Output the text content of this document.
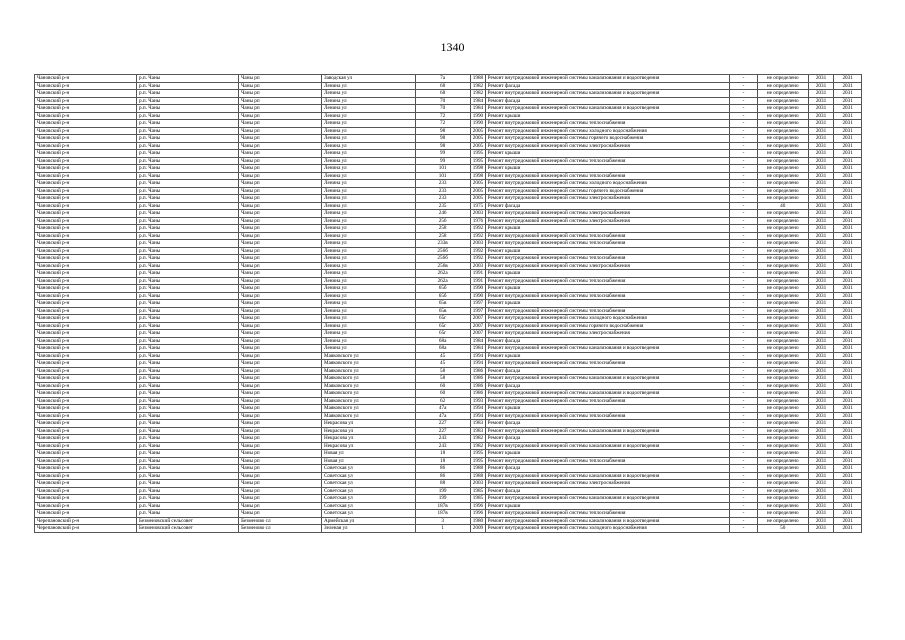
1340
Чановский р-н	р.п. Чаны	Чаны рп	Заводская ул	7а	1988	Ремонт внутридомовой инженерной системы канализования и водоотведения	-	не определено	2031	2031
Чановский р-н	р.п. Чаны	Чаны рп	Ленина ул	68	1982	Ремонт фасада	-	не определено	2031	2031
Чановский р-н	р.п. Чаны	Чаны рп	Ленина ул	68	1982	Ремонт внутридомовой инженерной системы канализования и водоотведения	-	не определено	2031	2031
Чановский р-н	р.п. Чаны	Чаны рп	Ленина ул	70	1984	Ремонт фасада	-	не определено	2031	2031
Чановский р-н	р.п. Чаны	Чаны рп	Ленина ул	70	1984	Ремонт внутридомовой инженерной системы канализования и водоотведения	-	не определено	2031	2031
Чановский р-н	р.п. Чаны	Чаны рп	Ленина ул	72	1990	Ремонт крыши	-	не определено	2031	2031
Чановский р-н	р.п. Чаны	Чаны рп	Ленина ул	72	1990	Ремонт внутридомовой инженерной системы теплоснабжения	-	не определено	2031	2031
Чановский р-н	р.п. Чаны	Чаны рп	Ленина ул	98	2005	Ремонт внутридомовой инженерной системы холодного водоснабжения	-	не определено	2031	2031
Чановский р-н	р.п. Чаны	Чаны рп	Ленина ул	98	2005	Ремонт внутридомовой инженерной системы горячего водоснабжения	-	не определено	2031	2031
Чановский р-н	р.п. Чаны	Чаны рп	Ленина ул	98	2005	Ремонт внутридомовой инженерной системы электроснабжения	-	не определено	2031	2031
Чановский р-н	р.п. Чаны	Чаны рп	Ленина ул	99	1995	Ремонт крыши	-	не определено	2031	2031
Чановский р-н	р.п. Чаны	Чаны рп	Ленина ул	99	1995	Ремонт внутридомовой инженерной системы теплоснабжения	-	не определено	2031	2031
Чановский р-н	р.п. Чаны	Чаны рп	Ленина ул	101	1998	Ремонт крыши	-	не определено	2031	2031
Чановский р-н	р.п. Чаны	Чаны рп	Ленина ул	101	1998	Ремонт внутридомовой инженерной системы теплоснабжения	-	не определено	2031	2031
Чановский р-н	р.п. Чаны	Чаны рп	Ленина ул	233	2005	Ремонт внутридомовой инженерной системы холодного водоснабжения	-	не определено	2031	2031
Чановский р-н	р.п. Чаны	Чаны рп	Ленина ул	233	2005	Ремонт внутридомовой инженерной системы горячего водоснабжения	-	не определено	2031	2031
Чановский р-н	р.п. Чаны	Чаны рп	Ленина ул	233	2005	Ремонт внутридомовой инженерной системы электроснабжения	-	не определено	2031	2031
Чановский р-н	р.п. Чаны	Чаны рп	Ленина ул	235	1975	Ремонт фасада	-	40	2031	2031
Чановский р-н	р.п. Чаны	Чаны рп	Ленина ул	246	2003	Ремонт внутридомовой инженерной системы электроснабжения	-	не определено	2031	2031
Чановский р-н	р.п. Чаны	Чаны рп	Ленина ул	256	1976	Ремонт внутридомовой инженерной системы электроснабжения	-	не определено	2031	2031
Чановский р-н	р.п. Чаны	Чаны рп	Ленина ул	258	1992	Ремонт крыши	-	не определено	2031	2031
Чановский р-н	р.п. Чаны	Чаны рп	Ленина ул	258	1992	Ремонт внутридомовой инженерной системы теплоснабжения	-	не определено	2031	2031
Чановский р-н	р.п. Чаны	Чаны рп	Ленина ул	233в	2003	Ремонт внутридомовой инженерной системы теплоснабжения	-	не определено	2031	2031
Чановский р-н	р.п. Чаны	Чаны рп	Ленина ул	256б	1992	Ремонт крыши	-	не определено	2031	2031
Чановский р-н	р.п. Чаны	Чаны рп	Ленина ул	256б	1992	Ремонт внутридомовой инженерной системы теплоснабжения	-	не определено	2031	2031
Чановский р-н	р.п. Чаны	Чаны рп	Ленина ул	256в	2003	Ремонт внутридомовой инженерной системы электроснабжения	-	не определено	2031	2031
Чановский р-н	р.п. Чаны	Чаны рп	Ленина ул	262а	1991	Ремонт крыши	-	не определено	2031	2031
Чановский р-н	р.п. Чаны	Чаны рп	Ленина ул	262а	1991	Ремонт внутридомовой инженерной системы теплоснабжения	-	не определено	2031	2031
Чановский р-н	р.п. Чаны	Чаны рп	Ленина ул	65б	1990	Ремонт крыши	-	не определено	2031	2031
Чановский р-н	р.п. Чаны	Чаны рп	Ленина ул	65б	1990	Ремонт внутридомовой инженерной системы теплоснабжения	-	не определено	2031	2031
Чановский р-н	р.п. Чаны	Чаны рп	Ленина ул	65в	1997	Ремонт крыши	-	не определено	2031	2031
Чановский р-н	р.п. Чаны	Чаны рп	Ленина ул	65в	1997	Ремонт внутридомовой инженерной системы теплоснабжения	-	не определено	2031	2031
Чановский р-н	р.п. Чаны	Чаны рп	Ленина ул	65г	2007	Ремонт внутридомовой инженерной системы холодного водоснабжения	-	не определено	2031	2031
Чановский р-н	р.п. Чаны	Чаны рп	Ленина ул	65г	2007	Ремонт внутридомовой инженерной системы горячего водоснабжения	-	не определено	2031	2031
Чановский р-н	р.п. Чаны	Чаны рп	Ленина ул	65г	2007	Ремонт внутридомовой инженерной системы электроснабжения	-	не определено	2031	2031
Чановский р-н	р.п. Чаны	Чаны рп	Ленина ул	68а	1984	Ремонт фасада	-	не определено	2031	2031
Чановский р-н	р.п. Чаны	Чаны рп	Ленина ул	68а	1984	Ремонт внутридомовой инженерной системы канализования и водоотведения	-	не определено	2031	2031
Чановский р-н	р.п. Чаны	Чаны рп	Маяковского ул	45	1994	Ремонт крыши	-	не определено	2031	2031
Чановский р-н	р.п. Чаны	Чаны рп	Маяковского ул	45	1994	Ремонт внутридомовой инженерной системы теплоснабжения	-	не определено	2031	2031
Чановский р-н	р.п. Чаны	Чаны рп	Маяковского ул	58	1986	Ремонт фасада	-	не определено	2031	2031
Чановский р-н	р.п. Чаны	Чаны рп	Маяковского ул	58	1986	Ремонт внутридомовой инженерной системы канализования и водоотведения	-	не определено	2031	2031
Чановский р-н	р.п. Чаны	Чаны рп	Маяковского ул	60	1986	Ремонт фасада	-	не определено	2031	2031
Чановский р-н	р.п. Чаны	Чаны рп	Маяковского ул	60	1986	Ремонт внутридомовой инженерной системы канализования и водоотведения	-	не определено	2031	2031
Чановский р-н	р.п. Чаны	Чаны рп	Маяковского ул	62	1993	Ремонт внутридомовой инженерной системы теплоснабжения	-	не определено	2031	2031
Чановский р-н	р.п. Чаны	Чаны рп	Маяковского ул	47а	1994	Ремонт крыши	-	не определено	2031	2031
Чановский р-н	р.п. Чаны	Чаны рп	Маяковского ул	47а	1994	Ремонт внутридомовой инженерной системы теплоснабжения	-	не определено	2031	2031
Чановский р-н	р.п. Чаны	Чаны рп	Некрасова ул	227	1983	Ремонт фасада	-	не определено	2031	2031
Чановский р-н	р.п. Чаны	Чаны рп	Некрасова ул	227	1983	Ремонт внутридомовой инженерной системы канализования и водоотведения	-	не определено	2031	2031
Чановский р-н	р.п. Чаны	Чаны рп	Некрасова ул	243	1982	Ремонт фасада	-	не определено	2031	2031
Чановский р-н	р.п. Чаны	Чаны рп	Некрасова ул	243	1982	Ремонт внутридомовой инженерной системы канализования и водоотведения	-	не определено	2031	2031
Чановский р-н	р.п. Чаны	Чаны рп	Новая ул	18	1995	Ремонт крыши	-	не определено	2031	2031
Чановский р-н	р.п. Чаны	Чаны рп	Новая ул	18	1995	Ремонт внутридомовой инженерной системы теплоснабжения	-	не определено	2031	2031
Чановский р-н	р.п. Чаны	Чаны рп	Советская ул	86	1988	Ремонт фасада	-	не определено	2031	2031
Чановский р-н	р.п. Чаны	Чаны рп	Советская ул	86	1988	Ремонт внутридомовой инженерной системы канализования и водоотведения	-	не определено	2031	2031
Чановский р-н	р.п. Чаны	Чаны рп	Советская ул	88	2003	Ремонт внутридомовой инженерной системы электроснабжения	-	не определено	2031	2031
Чановский р-н	р.п. Чаны	Чаны рп	Советская ул	199	1985	Ремонт фасада	-	не определено	2031	2031
Чановский р-н	р.п. Чаны	Чаны рп	Советская ул	199	1985	Ремонт внутридомовой инженерной системы канализования и водоотведения	-	не определено	2031	2031
Чановский р-н	р.п. Чаны	Чаны рп	Советская ул	187в	1996	Ремонт крыши	-	не определено	2031	2031
Чановский р-н	р.п. Чаны	Чаны рп	Советская ул	187в	1996	Ремонт внутридомовой инженерной системы теплоснабжения	-	не определено	2031	2031
Черепановский р-н	Безменовский сельсовет	Безменово сл	Армейская ул	3	1980	Ремонт внутридомовой инженерной системы канализования и водоотведения	-	не определено	2031	2031
Черепановский р-н	Безменовский сельсовет	Безменово сл	Зеленая ул	1	2009	Ремонт внутридомовой инженерной системы холодного водоснабжения	-	50	2031	2031
